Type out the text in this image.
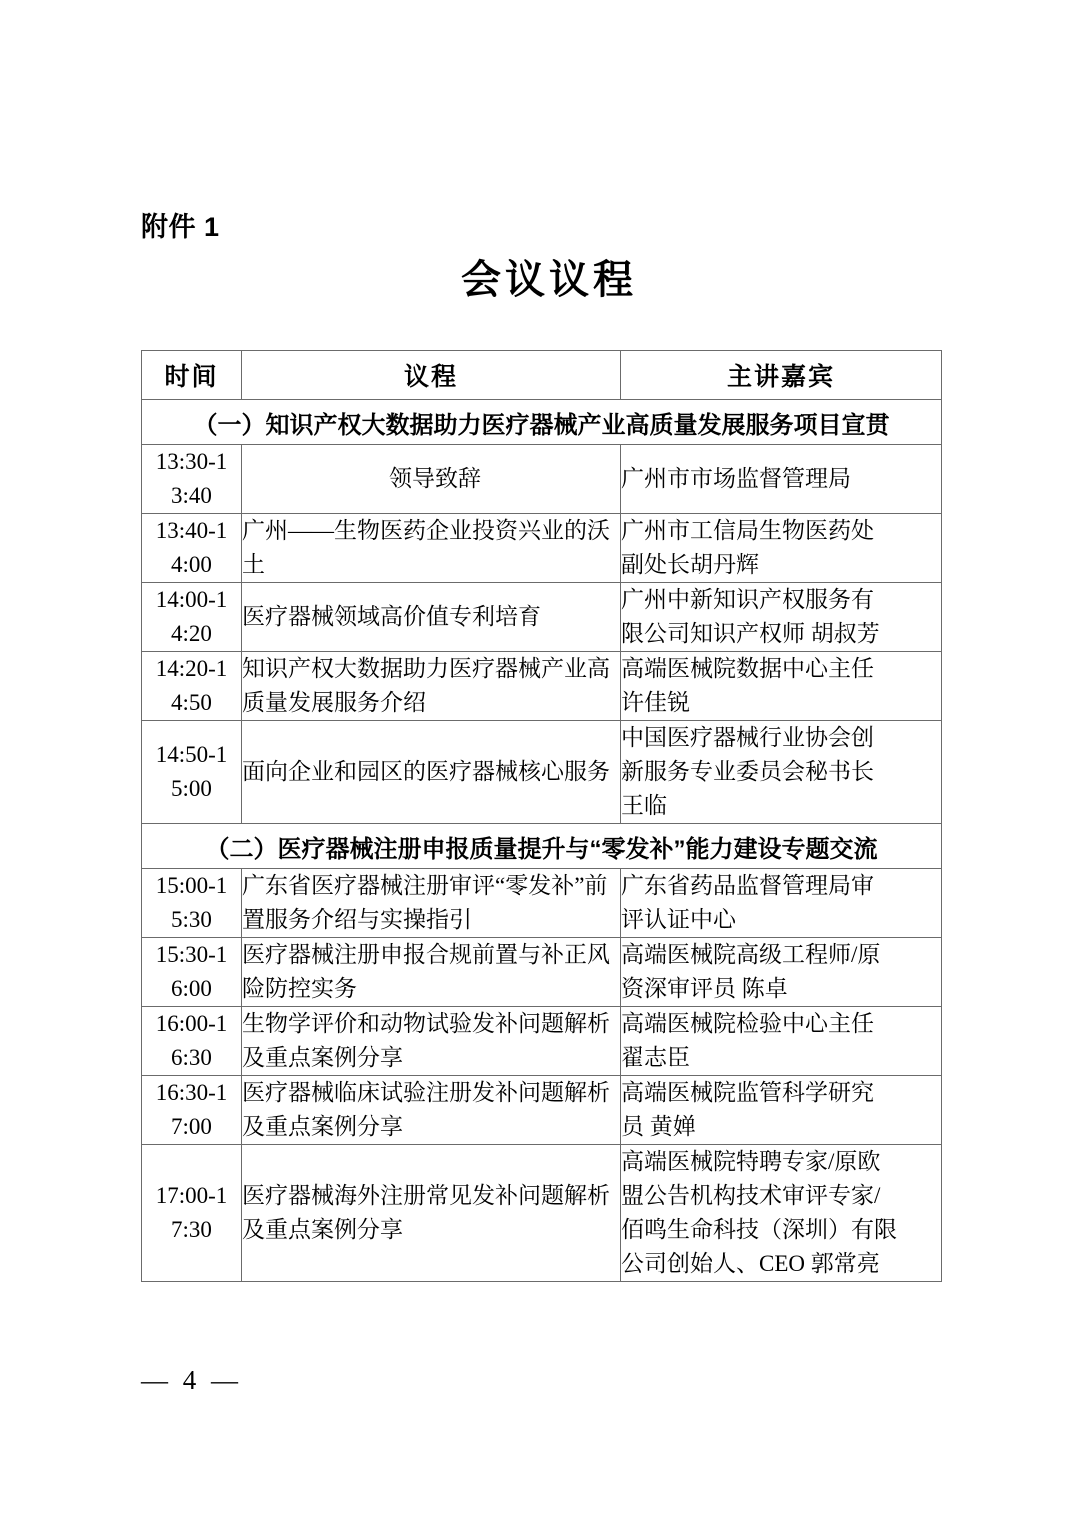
附件 1
会议议程
时间	议程	主讲嘉宾
（一）知识产权大数据助力医疗器械产业高质量发展服务项目宣贯		

13:30-1
3:40	领导致辞	广州市市场监督管理局

13:40-1
4:00	广州——生物医药企业投资兴业的沃土	广州市工信局生物医药处
副处长胡丹辉

14:00-1
4:20	医疗器械领域高价值专利培育	广州中新知识产权服务有
限公司知识产权师 胡叔芳

14:20-1
4:50	知识产权大数据助力医疗器械产业高质量发展服务介绍	高端医械院数据中心主任
许佳锐

14:50-1
5:00	面向企业和园区的医疗器械核心服务	中国医疗器械行业协会创
新服务专业委员会秘书长
王临

（二）医疗器械注册申报质量提升与“零发补”能力建设专题交流		

15:00-1
5:30	广东省医疗器械注册审评“零发补”前置服务介绍与实操指引	广东省药品监督管理局审
评认证中心

15:30-1
6:00	医疗器械注册申报合规前置与补正风险防控实务	高端医械院高级工程师/原
资深审评员 陈卓

16:00-1
6:30	生物学评价和动物试验发补问题解析及重点案例分享	高端医械院检验中心主任
翟志臣

16:30-1
7:00	医疗器械临床试验注册发补问题解析及重点案例分享	高端医械院监管科学研究
员 黄婵

17:00-1
7:30	医疗器械海外注册常见发补问题解析及重点案例分享	高端医械院特聘专家/原欧
盟公告机构技术审评专家/
佰鸣生命科技（深圳）有限
公司创始人、CEO 郭常亮
— 4 —
